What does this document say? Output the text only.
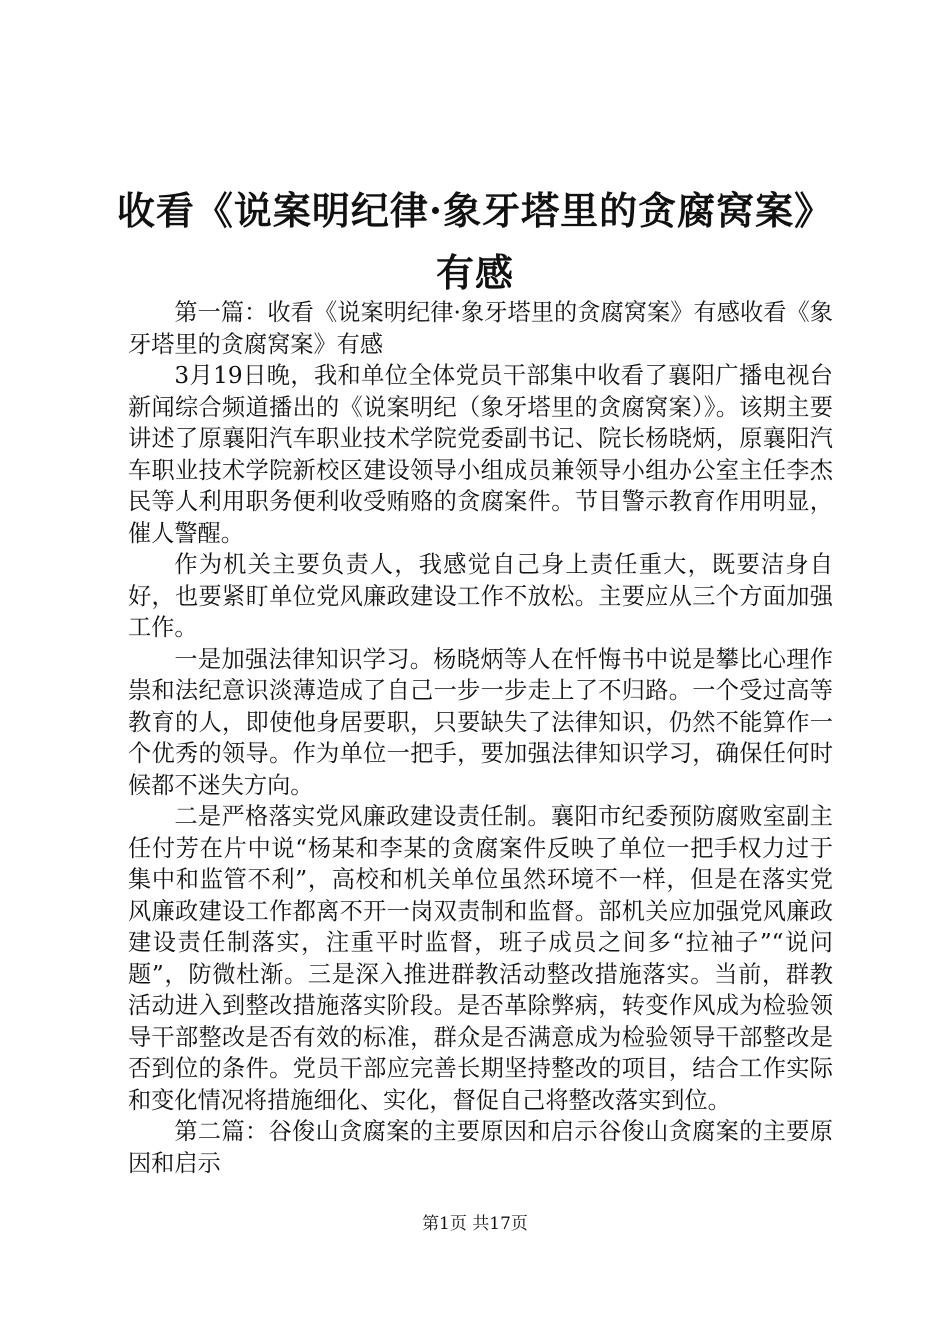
收看《说案明纪律·象牙塔里的贪腐窝案》有感

第一篇：收看《说案明纪律·象牙塔里的贪腐窝案》有感收看《象牙塔里的贪腐窝案》有感

3月19日晚，我和单位全体党员干部集中收看了襄阳广播电视台新闻综合频道播出的《说案明纪（象牙塔里的贪腐窝案）》。该期主要讲述了原襄阳汽车职业技术学院党委副书记、院长杨晓炳，原襄阳汽车职业技术学院新校区建设领导小组成员兼领导小组办公室主任李杰民等人利用职务便利收受贿赂的贪腐案件。节目警示教育作用明显，催人警醒。

作为机关主要负责人，我感觉自己身上责任重大，既要洁身自好，也要紧盯单位党风廉政建设工作不放松。主要应从三个方面加强工作。

一是加强法律知识学习。杨晓炳等人在忏悔书中说是攀比心理作祟和法纪意识淡薄造成了自己一步一步走上了不归路。一个受过高等教育的人，即使他身居要职，只要缺失了法律知识，仍然不能算作一个优秀的领导。作为单位一把手，要加强法律知识学习，确保任何时候都不迷失方向。

二是严格落实党风廉政建设责任制。襄阳市纪委预防腐败室副主任付芳在片中说“杨某和李某的贪腐案件反映了单位一把手权力过于集中和监管不利”，高校和机关单位虽然环境不一样，但是在落实党风廉政建设工作都离不开一岗双责制和监督。部机关应加强党风廉政建设责任制落实，注重平时监督，班子成员之间多“拉袖子”“说问题”，防微杜渐。三是深入推进群教活动整改措施落实。当前，群教活动进入到整改措施落实阶段。是否革除弊病，转变作风成为检验领导干部整改是否有效的标准，群众是否满意成为检验领导干部整改是否到位的条件。党员干部应完善长期坚持整改的项目，结合工作实际和变化情况将措施细化、实化，督促自己将整改落实到位。

第二篇：谷俊山贪腐案的主要原因和启示谷俊山贪腐案的主要原因和启示

第1页 共17页
